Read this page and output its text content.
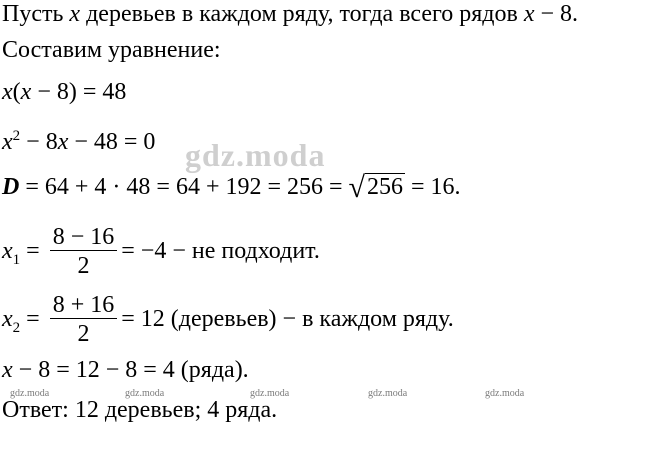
Пусть x деревьев в каждом ряду, тогда всего рядов x − 8.
Составим уравнение:
x(x − 8) = 48
$x^2 - 8x - 48 = 0$
D = 64 + 4 · 48 = 64 + 192 = 256 = √256 = 16.
$x_1 = \frac{8 - 16}{2} = -4$ − не подходит.
$x_2 = \frac{8 + 16}{2} = 12$ (деревьев) − в каждом ряду.
x − 8 = 12 − 8 = 4 (ряда).
Ответ: 12 деревьев; 4 ряда.
gdz.moda
gdz.moda	gdz.moda	gdz.moda	gdz.moda	gdz.moda
